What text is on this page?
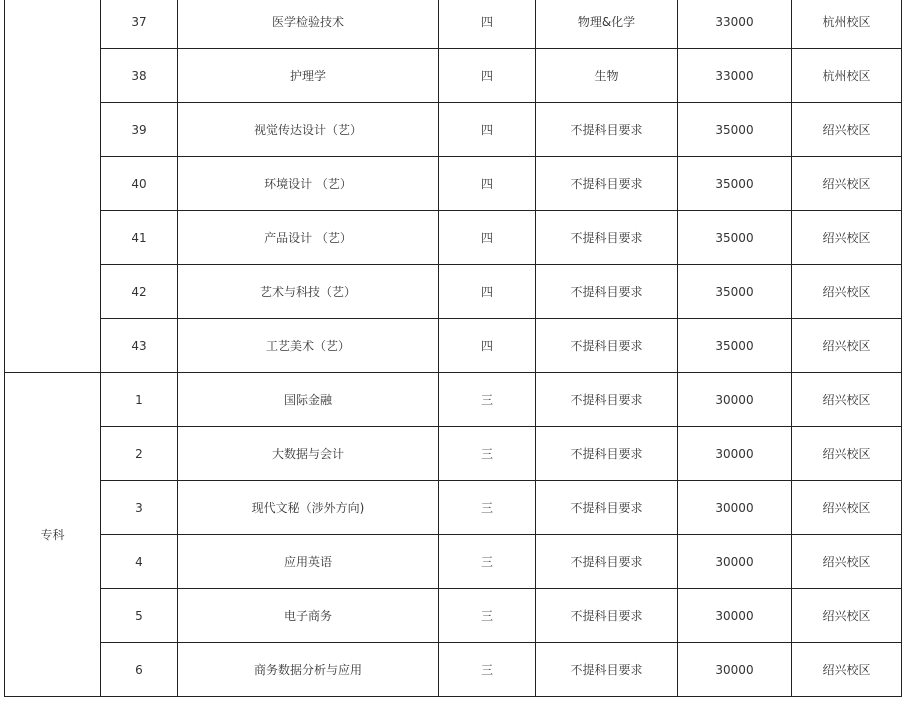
	37	医学检验技术	四	物理&化学	33000	杭州校区
	38	护理学	四	生物	33000	杭州校区
	39	视觉传达设计（艺）	四	不提科目要求	35000	绍兴校区
	40	环境设计 （艺）	四	不提科目要求	35000	绍兴校区
	41	产品设计 （艺）	四	不提科目要求	35000	绍兴校区
	42	艺术与科技（艺）	四	不提科目要求	35000	绍兴校区
	43	工艺美术（艺）	四	不提科目要求	35000	绍兴校区
专科	1	国际金融	三	不提科目要求	30000	绍兴校区
	2	大数据与会计	三	不提科目要求	30000	绍兴校区
	3	现代文秘（涉外方向)	三	不提科目要求	30000	绍兴校区
	4	应用英语	三	不提科目要求	30000	绍兴校区
	5	电子商务	三	不提科目要求	30000	绍兴校区
	6	商务数据分析与应用	三	不提科目要求	30000	绍兴校区
